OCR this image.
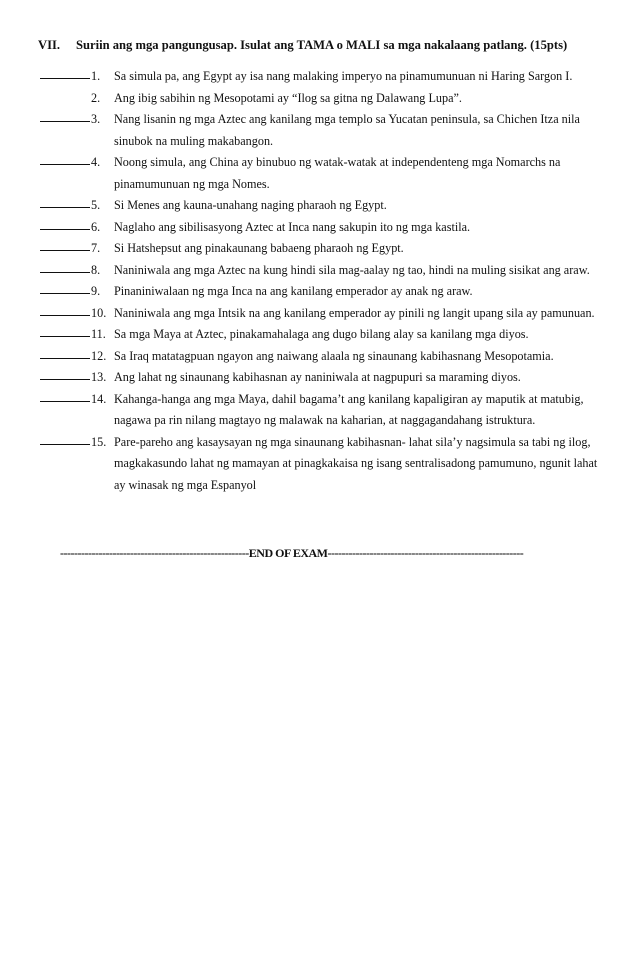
VII. Suriin ang mga pangungusap. Isulat ang TAMA o MALI sa mga nakalaang patlang. (15pts)
1. Sa simula pa, ang Egypt ay isa nang malaking imperyo na pinamumunuan ni Haring Sargon I.
2. Ang ibig sabihin ng Mesopotami ay “Ilog sa gitna ng Dalawang Lupa”.
3. Nang lisanin ng mga Aztec ang kanilang mga templo sa Yucatan peninsula, sa Chichen Itza nila sinubok na muling makabangon.
4. Noong simula, ang China ay binubuo ng watak-watak at independenteng mga Nomarchs na pinamumunuan ng mga Nomes.
5. Si Menes ang kauna-unahang naging pharaoh ng Egypt.
6. Naglaho ang sibilisasyong Aztec at Inca nang sakupin ito ng mga kastila.
7. Si Hatshepsut ang pinakaunang babaeng pharaoh ng Egypt.
8. Naniniwala ang mga Aztec na kung hindi sila mag-aalay ng tao, hindi na muling sisikat ang araw.
9. Pinaniniwalaan ng mga Inca na ang kanilang emperador ay anak ng araw.
10. Naniniwala ang mga Intsik na ang kanilang emperador ay pinili ng langit upang sila ay pamunuan.
11. Sa mga Maya at Aztec, pinakamahalaga ang dugo bilang alay sa kanilang mga diyos.
12. Sa Iraq matatagpuan ngayon ang naiwang alaala ng sinaunang kabihasnang Mesopotamia.
13. Ang lahat ng sinaunang kabihasnan ay naniniwala at nagpupuri sa maraming diyos.
14. Kahanga-hanga ang mga Maya, dahil bagama’t ang kanilang kapaligiran ay maputik at matubig, nagawa pa rin nilang magtayo ng malawak na kaharian, at naggagandahang istruktura.
15. Pare-pareho ang kasaysayan ng mga sinaunang kabihasnan- lahat sila’y nagsimula sa tabi ng ilog, magkakasundo lahat ng mamayan at pinagkakaisa ng isang sentralisadong pamumuno, ngunit lahat ay winasak ng mga Espanyol
------------------------------------------------------END OF EXAM--------------------------------------------------------
